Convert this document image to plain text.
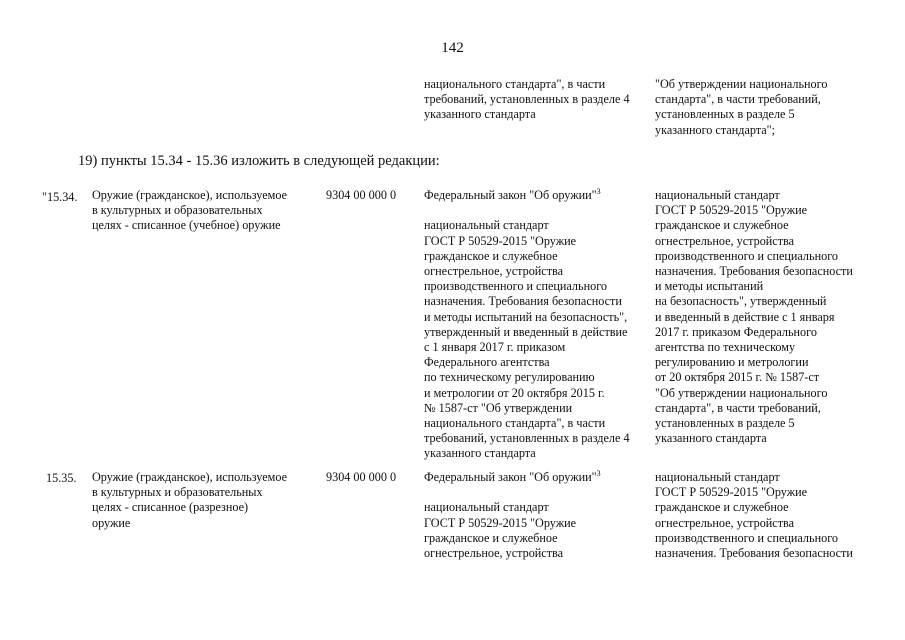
142
национального стандарта", в части
требований, установленных в разделе 4
указанного стандарта
"Об утверждении национального
стандарта", в части требований,
установленных в разделе 5
указанного стандарта";
19) пункты 15.34 - 15.36 изложить в следующей редакции:
"15.34. Оружие (гражданское), используемое
в культурных и образовательных
целях - списанное (учебное) оружие
9304 00 000 0 Федеральный закон "Об оружии"$^3$
национальный стандарт
ГОСТ Р 50529-2015 "Оружие
гражданское и служебное
огнестрельное, устройства
производственного и специального
назначения. Требования безопасности
и методы испытаний на безопасность",
утвержденный и введенный в действие
с 1 января 2017 г. приказом
Федерального агентства
по техническому регулированию
и метрологии от 20 октября 2015 г.
№ 1587-ст "Об утверждении
национального стандарта", в части
требований, установленных в разделе 4
указанного стандарта
национальный стандарт
ГОСТ Р 50529-2015 "Оружие
гражданское и служебное
огнестрельное, устройства
производственного и специального
назначения. Требования безопасности
и методы испытаний
на безопасность", утвержденный
и введенный в действие с 1 января
2017 г. приказом Федерального
агентства по техническому
регулированию и метрологии
от 20 октября 2015 г. № 1587-ст
"Об утверждении национального
стандарта", в части требований,
установленных в разделе 5
указанного стандарта
15.35. Оружие (гражданское), используемое
в культурных и образовательных
целях - списанное (разрезное)
оружие
9304 00 000 0 Федеральный закон "Об оружии"$^3$
национальный стандарт
ГОСТ Р 50529-2015 "Оружие
гражданское и служебное
огнестрельное, устройства
национальный стандарт
ГОСТ Р 50529-2015 "Оружие
гражданское и служебное
огнестрельное, устройства
производственного и специального
назначения. Требования безопасности
